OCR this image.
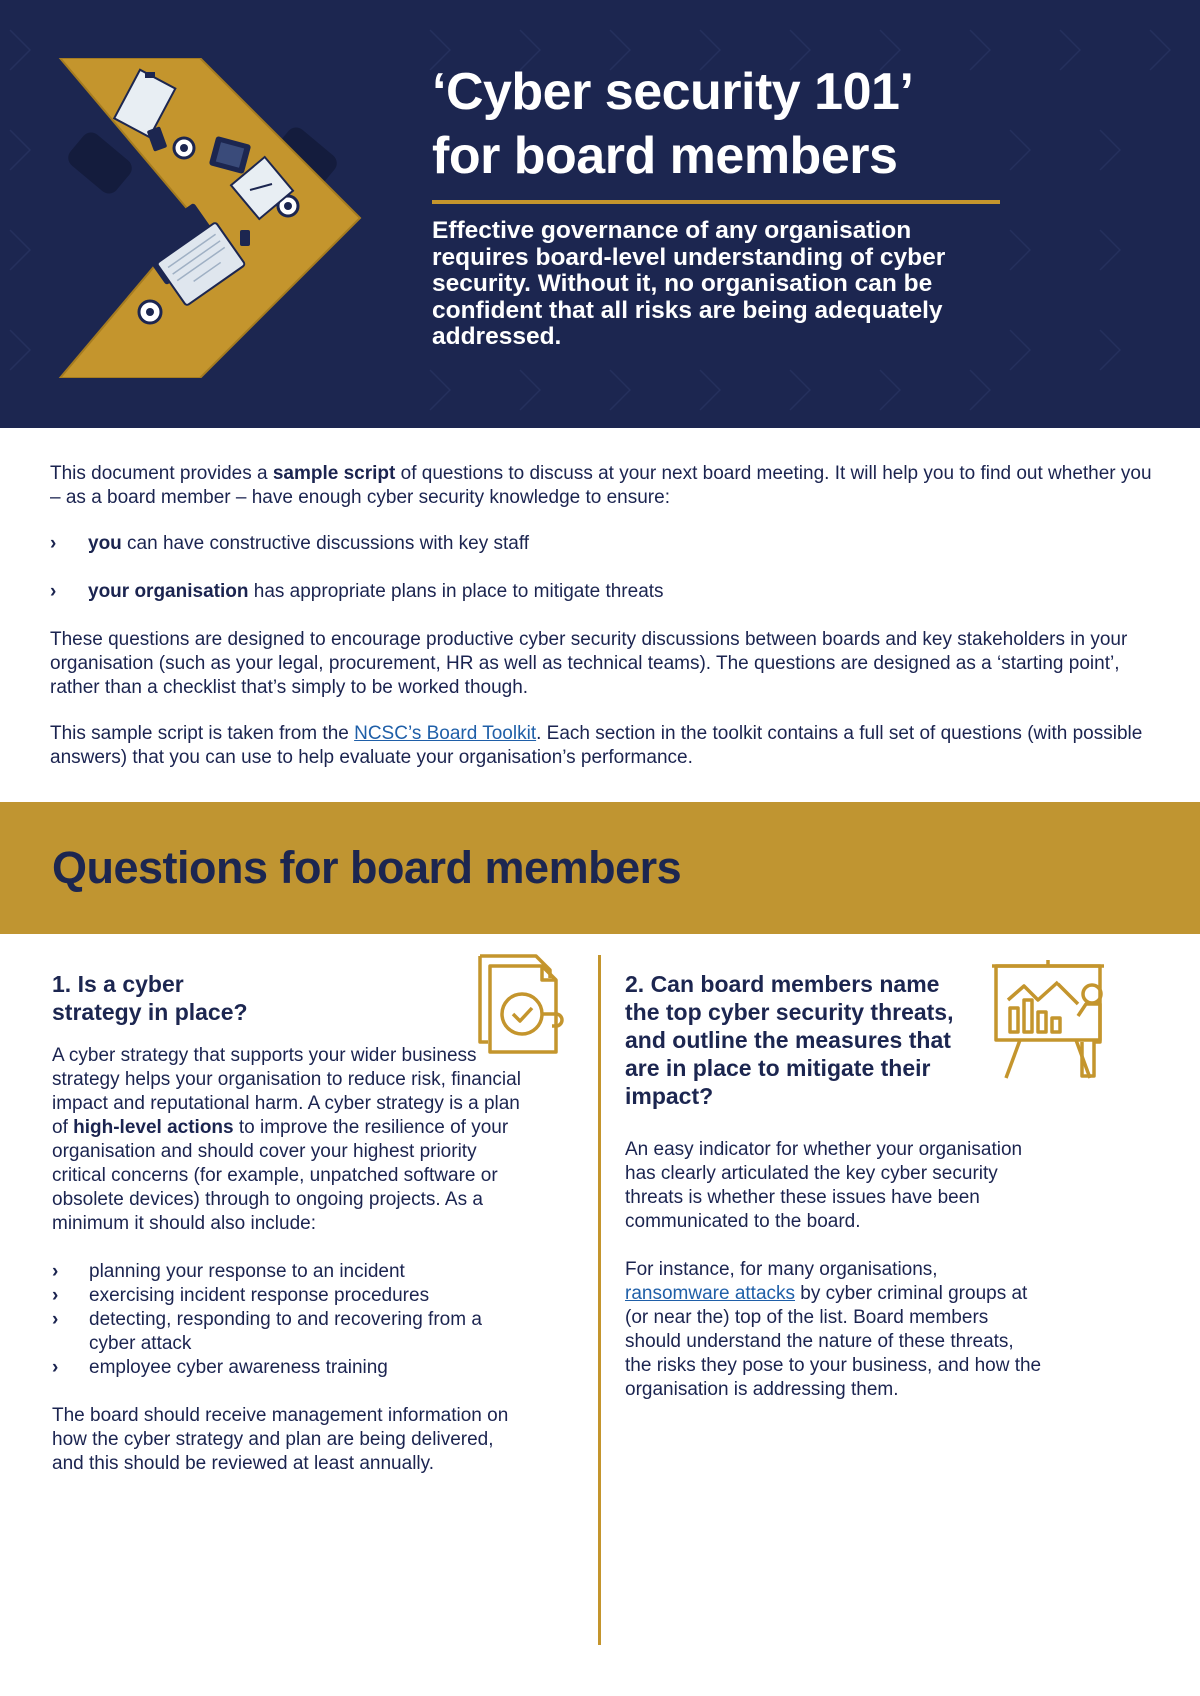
‘Cyber security 101’
for board members
Effective governance of any organisation requires board-level understanding of cyber security. Without it, no organisation can be confident that all risks are being adequately addressed.

This document provides a sample script of questions to discuss at your next board meeting. It will help you to find out whether you – as a board member – have enough cyber security knowledge to ensure:

› you can have constructive discussions with key staff
› your organisation has appropriate plans in place to mitigate threats

These questions are designed to encourage productive cyber security discussions between boards and key stakeholders in your organisation (such as your legal, procurement, HR as well as technical teams). The questions are designed as a ‘starting point’, rather than a checklist that’s simply to be worked though.

This sample script is taken from the NCSC’s Board Toolkit. Each section in the toolkit contains a full set of questions (with possible answers) that you can use to help evaluate your organisation’s performance.

Questions for board members
1. Is a cyber strategy in place?

A cyber strategy that supports your wider business strategy helps your organisation to reduce risk, financial impact and reputational harm. A cyber strategy is a plan of high-level actions to improve the resilience of your organisation and should cover your highest priority critical concerns (for example, unpatched software or obsolete devices) through to ongoing projects. As a minimum it should also include:

› planning your response to an incident
› exercising incident response procedures
› detecting, responding to and recovering from a cyber attack
› employee cyber awareness training

The board should receive management information on how the cyber strategy and plan are being delivered, and this should be reviewed at least annually.

2. Can board members name the top cyber security threats, and outline the measures that are in place to mitigate their impact?

An easy indicator for whether your organisation has clearly articulated the key cyber security threats is whether these issues have been communicated to the board.

For instance, for many organisations, ransomware attacks by cyber criminal groups at (or near the) top of the list. Board members should understand the nature of these threats, the risks they pose to your business, and how the organisation is addressing them.
